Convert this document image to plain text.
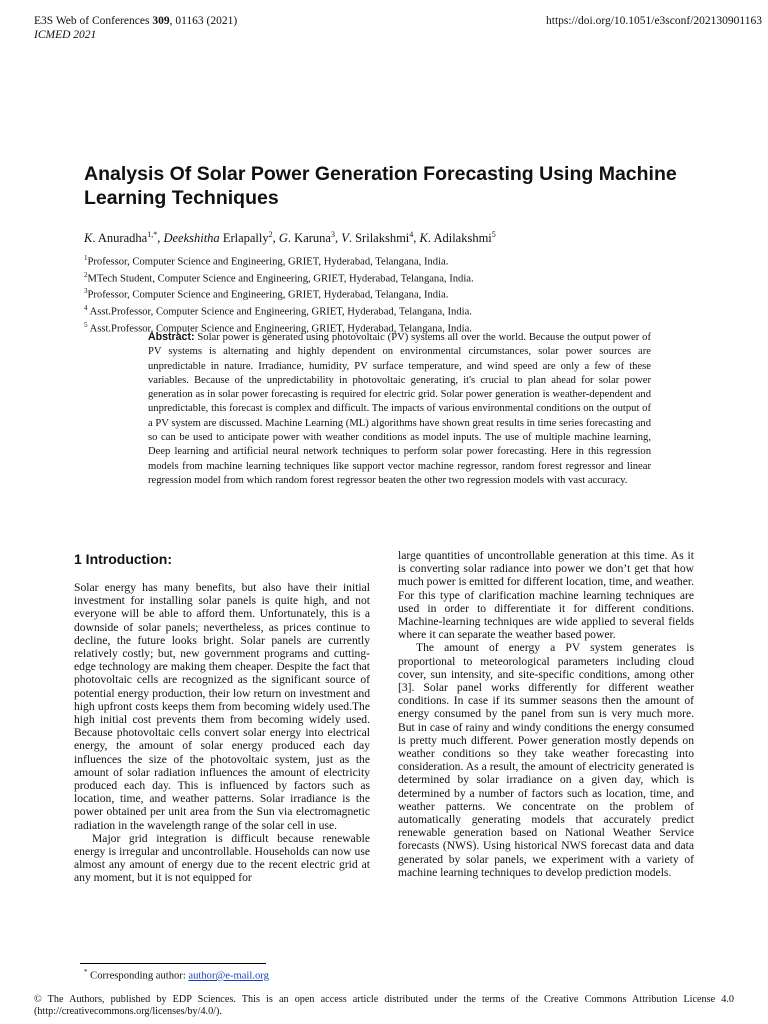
E3S Web of Conferences 309, 01163 (2021)
ICMED 2021
https://doi.org/10.1051/e3sconf/202130901163
Analysis Of Solar Power Generation Forecasting Using Machine Learning Techniques
K. Anuradha$^{1,*}$, Deekshitha Erlapally$^2$, G. Karuna$^3$, V. Srilakshmi$^4$, K. Adilakshmi$^5$
$^1$Professor, Computer Science and Engineering, GRIET, Hyderabad, Telangana, India.
$^2$MTech Student, Computer Science and Engineering, GRIET, Hyderabad, Telangana, India.
$^3$Professor, Computer Science and Engineering, GRIET, Hyderabad, Telangana, India.
$^4$ Asst.Professor, Computer Science and Engineering, GRIET, Hyderabad, Telangana, India.
$^5$ Asst.Professor, Computer Science and Engineering, GRIET, Hyderabad, Telangana, India.

Abstract: Solar power is generated using photovoltaic (PV) systems all over the world. Because the output power of PV systems is alternating and highly dependent on environmental circumstances, solar power sources are unpredictable in nature. Irradiance, humidity, PV surface temperature, and wind speed are only a few of these variables. Because of the unpredictability in photovoltaic generating, it's crucial to plan ahead for solar power generation as in solar power forecasting is required for electric grid. Solar power generation is weather-dependent and unpredictable, this forecast is complex and difficult. The impacts of various environmental conditions on the output of a PV system are discussed. Machine Learning (ML) algorithms have shown great results in time series forecasting and so can be used to anticipate power with weather conditions as model inputs. The use of multiple machine learning, Deep learning and artificial neural network techniques to perform solar power forecasting. Here in this regression models from machine learning techniques like support vector machine regressor, random forest regressor and linear regression model from which random forest regressor beaten the other two regression models with vast accuracy.

1 Introduction:

Solar energy has many benefits, but also have their initial investment for installing solar panels is quite high, and not everyone will be able to afford them. Unfortunately, this is a downside of solar panels; nevertheless, as prices continue to decline, the future looks bright. Solar panels are currently relatively costly; but, new government programs and cutting-edge technology are making them cheaper. Despite the fact that photovoltaic cells are recognized as the significant source of potential energy production, their low return on investment and high upfront costs keeps them from becoming widely used.The high initial cost prevents them from becoming widely used. Because photovoltaic cells convert solar energy into electrical energy, the amount of solar energy produced each day influences the size of the photovoltaic system, just as the amount of solar radiation influences the amount of electricity produced each day. This is influenced by factors such as location, time, and weather patterns. Solar irradiance is the power obtained per unit area from the Sun via electromagnetic radiation in the wavelength range of the solar cell in use.

Major grid integration is difficult because renewable energy is irregular and uncontrollable. Households can now use almost any amount of energy due to the recent electric grid at any moment, but it is not equipped for

large quantities of uncontrollable generation at this time. As it is converting solar radiance into power we don’t get that how much power is emitted for different location, time, and weather. For this type of clarification machine learning techniques are used in order to differentiate it for different conditions. Machine-learning techniques are wide applied to several fields where it can separate the weather based power.

The amount of energy a PV system generates is proportional to meteorological parameters including cloud cover, sun intensity, and site-specific conditions, among other [3]. Solar panel works differently for different weather conditions. In case if its summer seasons then the amount of energy consumed by the panel from sun is very much more. But in case of rainy and windy conditions the energy consumed is pretty much different. Power generation mostly depends on weather conditions so they take weather forecasting into consideration. As a result, the amount of electricity generated is determined by solar irradiance on a given day, which is determined by a number of factors such as location, time, and weather patterns. We concentrate on the problem of automatically generating models that accurately predict renewable generation based on National Weather Service forecasts (NWS). Using historical NWS forecast data and data generated by solar panels, we experiment with a variety of machine learning techniques to develop prediction models.

* Corresponding author: author@e-mail.org
© The Authors, published by EDP Sciences. This is an open access article distributed under the terms of the Creative Commons Attribution License 4.0 (http://creativecommons.org/licenses/by/4.0/).
